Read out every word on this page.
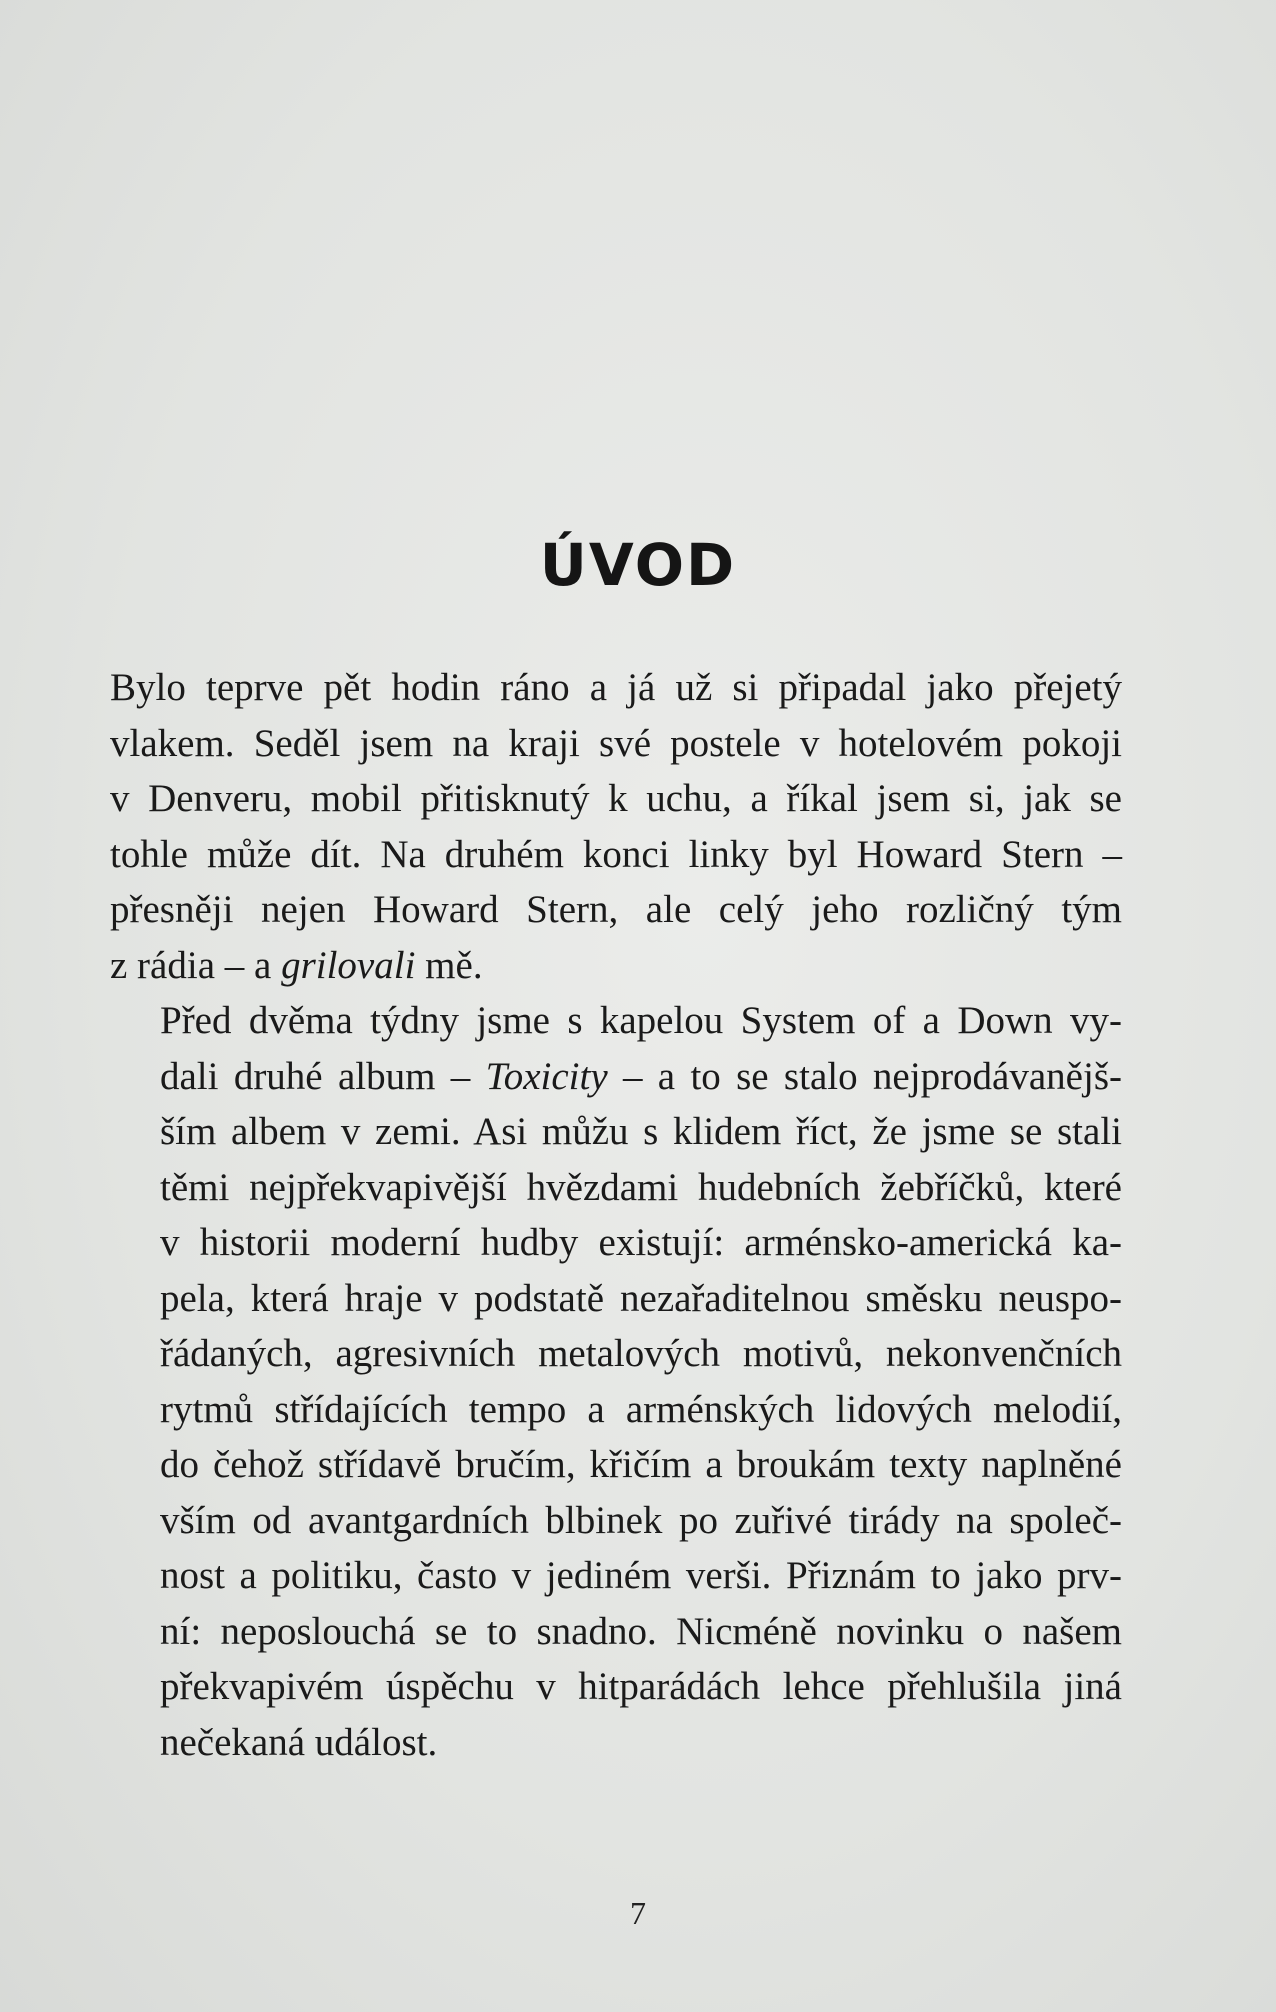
ÚVOD

Bylo teprve pět hodin ráno a já už si připadal jako přejetý
vlakem. Seděl jsem na kraji své postele v hotelovém pokoji
v Denveru, mobil přitisknutý k uchu, a říkal jsem si, jak se
tohle může dít. Na druhém konci linky byl Howard Stern –
přesněji nejen Howard Stern, ale celý jeho rozličný tým
z rádia – a grilovali mě.

Před dvěma týdny jsme s kapelou System of a Down vy-
dali druhé album – Toxicity – a to se stalo nejprodávanějš-
ším albem v zemi. Asi můžu s klidem říct, že jsme se stali
těmi nejpřekvapivější hvězdami hudebních žebříčků, které
v historii moderní hudby existují: arménsko-americká ka-
pela, která hraje v podstatě nezařaditelnou směsku neuspo-
řádaných, agresivních metalových motivů, nekonvenčních
rytmů střídajících tempo a arménských lidových melodií,
do čehož střídavě bručím, křičím a broukám texty naplněné
vším od avantgardních blbinek po zuřivé tirády na společ-
nost a politiku, často v jediném verši. Přiznám to jako prv-
ní: neposlouchá se to snadno. Nicméně novinku o našem
překvapivém úspěchu v hitparádách lehce přehlušila jiná
nečekaná událost.

7
